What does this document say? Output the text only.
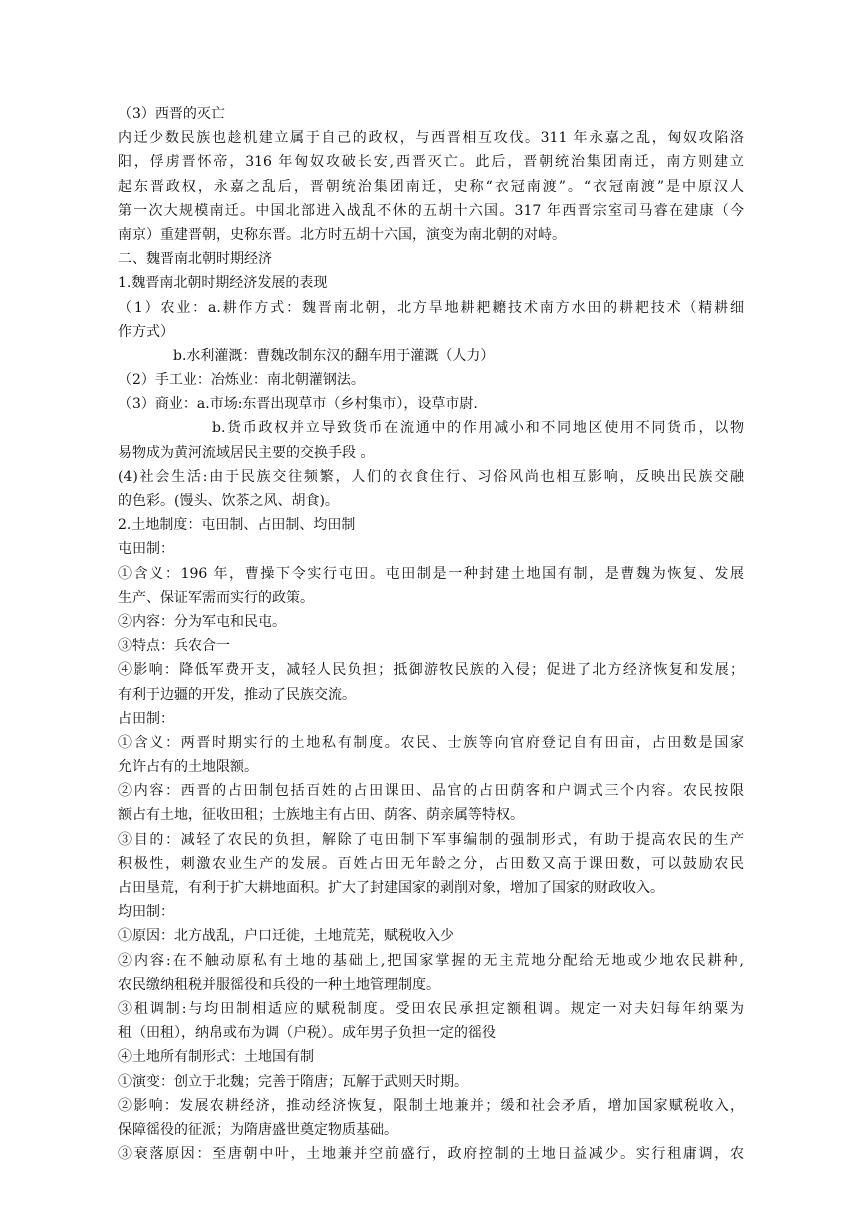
（3）西晋的灭亡
内迁少数民族也趁机建立属于自己的政权，与西晋相互攻伐。311 年永嘉之乱，匈奴攻陷洛
阳，俘虏晋怀帝，316 年匈奴攻破长安,西晋灭亡。此后，晋朝统治集团南迁，南方则建立
起东晋政权，永嘉之乱后，晋朝统治集团南迁，史称“衣冠南渡”。“衣冠南渡”是中原汉人
第一次大规模南迁。中国北部进入战乱不休的五胡十六国。317 年西晋宗室司马睿在建康（今
南京）重建晋朝，史称东晋。北方时五胡十六国，演变为南北朝的对峙。
二、魏晋南北朝时期经济
1.魏晋南北朝时期经济发展的表现
（1）农业：a.耕作方式：魏晋南北朝，北方旱地耕耙耱技术南方水田的耕耙技术（精耕细
作方式）
b.水利灌溉：曹魏改制东汉的翻车用于灌溉（人力）
（2）手工业：冶炼业：南北朝灌钢法。
（3）商业：a.市场:东晋出现草市（乡村集市），设草市尉.
b.货币政权并立导致货币在流通中的作用减小和不同地区使用不同货币，以物
易物成为黄河流域居民主要的交换手段 。
(4)社会生活:由于民族交往频繁，人们的衣食住行、习俗风尚也相互影响，反映出民族交融
的色彩。(馒头、饮茶之风、胡食)。
2.土地制度：屯田制、占田制、均田制
屯田制：
①含义：196 年，曹操下令实行屯田。屯田制是一种封建土地国有制，是曹魏为恢复、发展
生产、保证军需而实行的政策。
②内容：分为军屯和民屯。
③特点：兵农合一
④影响：降低军费开支，减轻人民负担；抵御游牧民族的入侵；促进了北方经济恢复和发展；
有利于边疆的开发，推动了民族交流。
占田制：
①含义：两晋时期实行的土地私有制度。农民、士族等向官府登记自有田亩，占田数是国家
允许占有的土地限额。
②内容：西晋的占田制包括百姓的占田课田、品官的占田荫客和户调式三个内容。农民按限
额占有土地，征收田租；士族地主有占田、荫客、荫亲属等特权。
③目的：减轻了农民的负担，解除了屯田制下军事编制的强制形式，有助于提高农民的生产
积极性，刺激农业生产的发展。百姓占田无年龄之分，占田数又高于课田数，可以鼓励农民
占田垦荒，有利于扩大耕地面积。扩大了封建国家的剥削对象，增加了国家的财政收入。
均田制：
①原因：北方战乱，户口迁徙，土地荒芜，赋税收入少
②内容:在不触动原私有土地的基础上,把国家掌握的无主荒地分配给无地或少地农民耕种,
农民缴纳租税并服徭役和兵役的一种土地管理制度。
③租调制:与均田制相适应的赋税制度。受田农民承担定额租调。规定一对夫妇每年纳粟为
租（田租），纳帛或布为调（户税）。成年男子负担一定的徭役
④土地所有制形式：土地国有制
①演变：创立于北魏；完善于隋唐；瓦解于武则天时期。
②影响：发展农耕经济，推动经济恢复，限制土地兼并；缓和社会矛盾，增加国家赋税收入，
保障徭役的征派；为隋唐盛世奠定物质基础。
③衰落原因：至唐朝中叶，土地兼并空前盛行，政府控制的土地日益减少。实行租庸调，农
